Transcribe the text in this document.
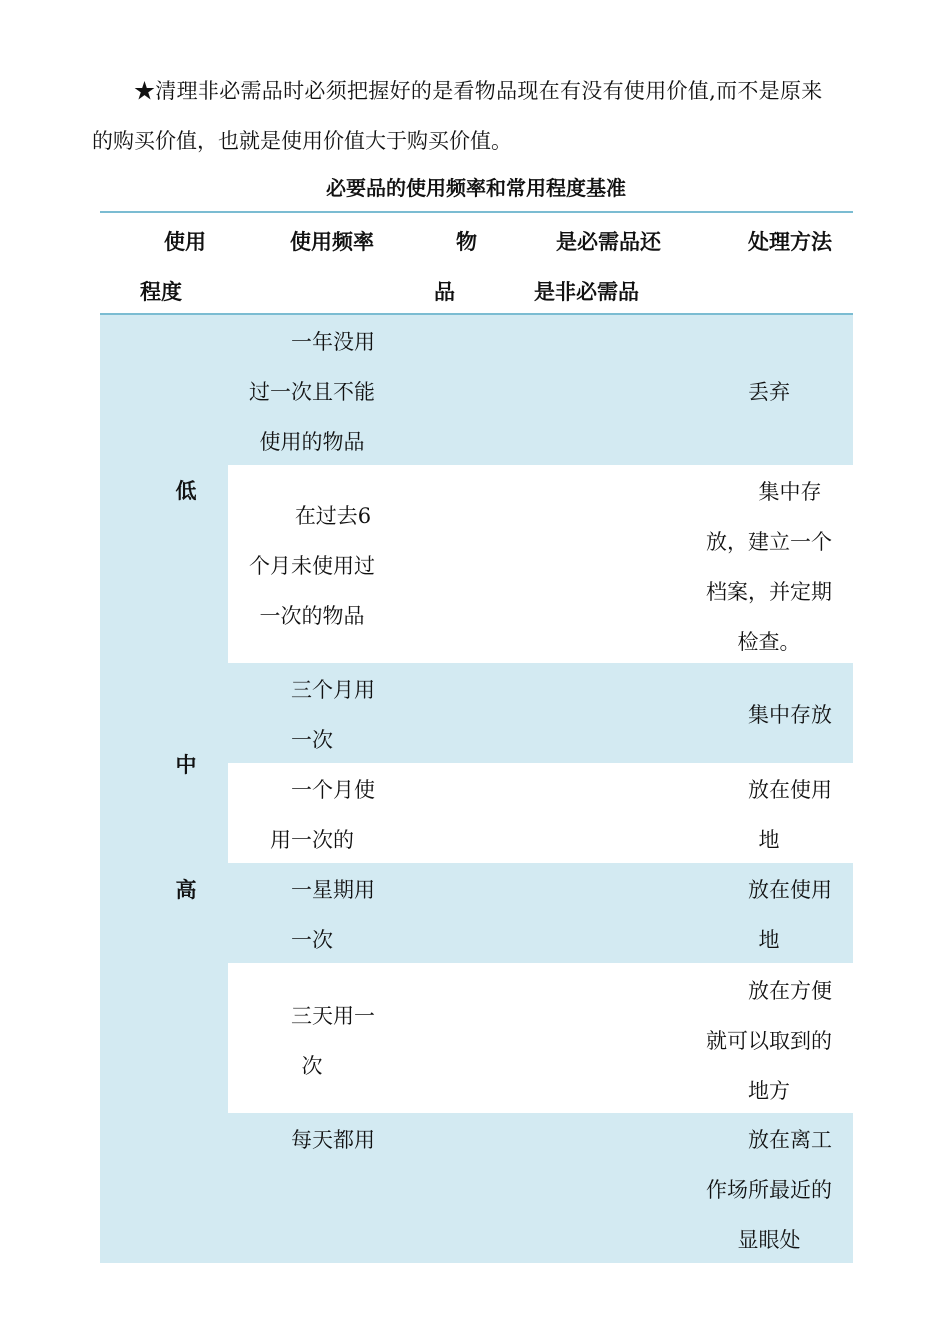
★清理非必需品时必须把握好的是看物品现在有没有使用价值,而不是原来

的购买价值，也就是使用价值大于购买价值。
必要品的使用频率和常用程度基准
使用
程度
使用频率	物
品
是必需品还
是非必需品
处理方法
低
中
高
一年没用
过一次且不能
使用的物品
丢弃
在过去6
个月未使用过
一次的物品
集中存
放，建立一个
档案，并定期
检查。
三个月用
一次
集中存放
一个月使
用一次的
放在使用
地
一星期用
一次
放在使用
地
三天用一
次
放在方便
就可以取到的
地方
每天都用	放在离工
作场所最近的
显眼处
